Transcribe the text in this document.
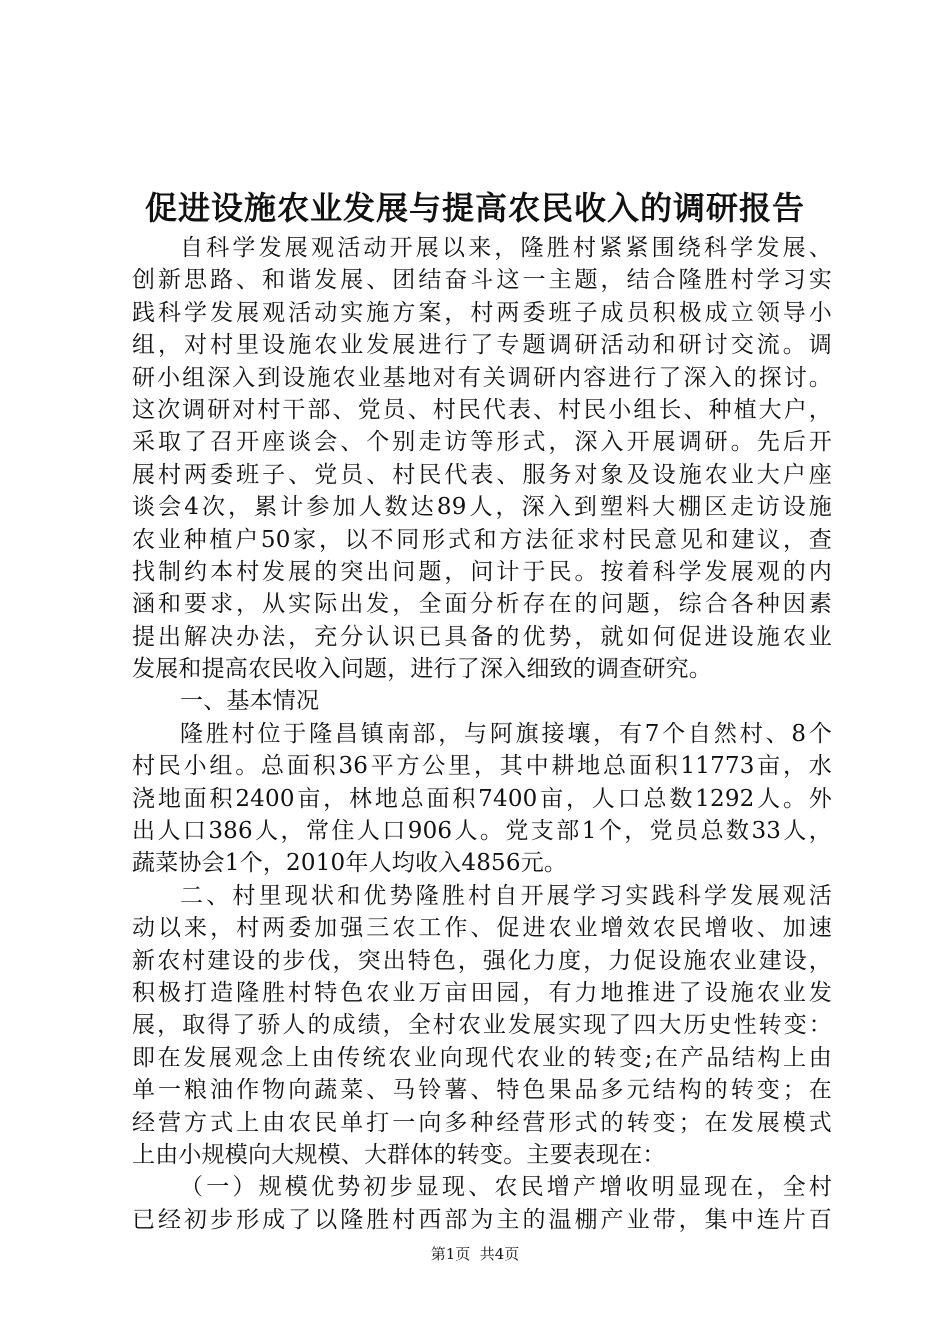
促进设施农业发展与提高农民收入的调研报告
自科学发展观活动开展以来，隆胜村紧紧围绕科学发展、
创新思路、和谐发展、团结奋斗这一主题，结合隆胜村学习实
践科学发展观活动实施方案，村两委班子成员积极成立领导小
组，对村里设施农业发展进行了专题调研活动和研讨交流。调
研小组深入到设施农业基地对有关调研内容进行了深入的探讨。
这次调研对村干部、党员、村民代表、村民小组长、种植大户，
采取了召开座谈会、个别走访等形式，深入开展调研。先后开
展村两委班子、党员、村民代表、服务对象及设施农业大户座
谈会4次，累计参加人数达89人，深入到塑料大棚区走访设施
农业种植户50家，以不同形式和方法征求村民意见和建议，查
找制约本村发展的突出问题，问计于民。按着科学发展观的内
涵和要求，从实际出发，全面分析存在的问题，综合各种因素
提出解决办法，充分认识已具备的优势，就如何促进设施农业
发展和提高农民收入问题，进行了深入细致的调查研究。
一、基本情况
隆胜村位于隆昌镇南部，与阿旗接壤，有7个自然村、8个
村民小组。总面积36平方公里，其中耕地总面积11773亩，水
浇地面积2400亩，林地总面积7400亩，人口总数1292人。外
出人口386人，常住人口906人。党支部1个，党员总数33人，
蔬菜协会1个，2010年人均收入4856元。
二、村里现状和优势隆胜村自开展学习实践科学发展观活
动以来，村两委加强三农工作、促进农业增效农民增收、加速
新农村建设的步伐，突出特色，强化力度，力促设施农业建设，
积极打造隆胜村特色农业万亩田园，有力地推进了设施农业发
展，取得了骄人的成绩，全村农业发展实现了四大历史性转变：
即在发展观念上由传统农业向现代农业的转变;在产品结构上由
单一粮油作物向蔬菜、马铃薯、特色果品多元结构的转变；在
经营方式上由农民单打一向多种经营形式的转变；在发展模式
上由小规模向大规模、大群体的转变。主要表现在：
（一）规模优势初步显现、农民增产增收明显现在，全村
已经初步形成了以隆胜村西部为主的温棚产业带，集中连片百
第1页  共4页
